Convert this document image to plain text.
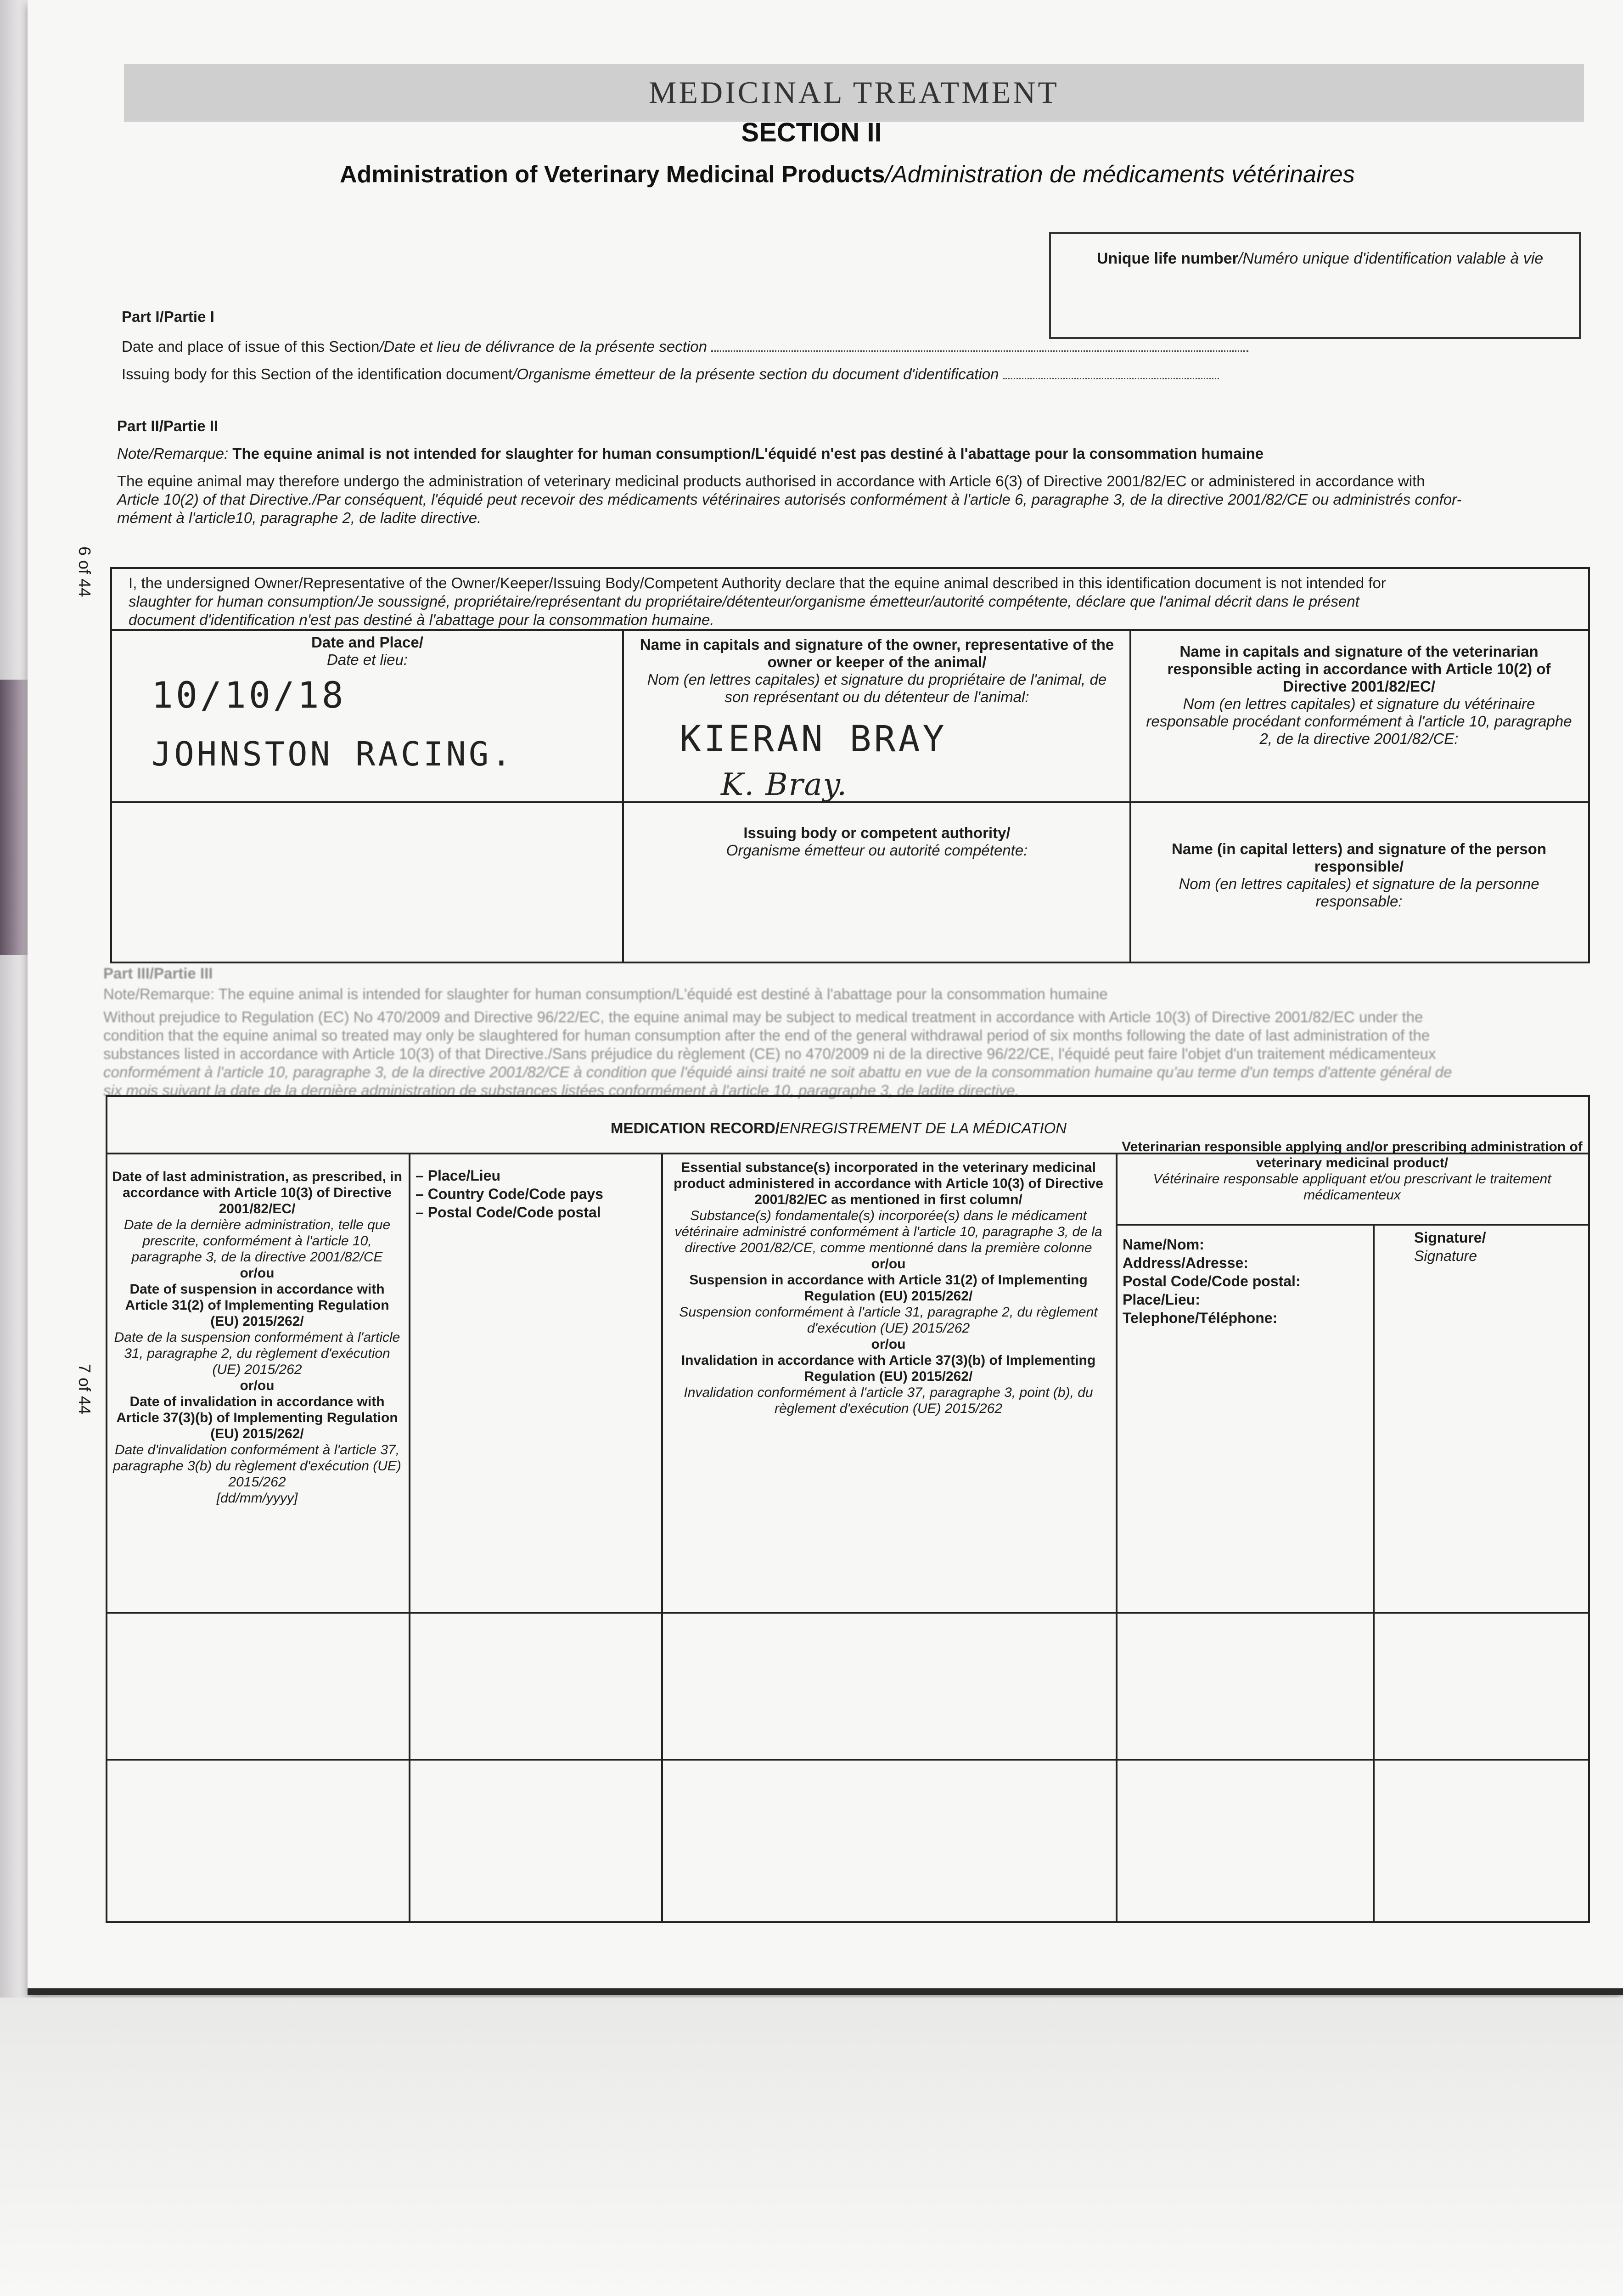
MEDICINAL TREATMENT
SECTION II
Administration of Veterinary Medicinal Products/Administration de médicaments vétérinaires
Unique life number/Numéro unique d'identification valable à vie
Part I/Partie I
Date and place of issue of this Section/Date et lieu de délivrance de la présente section
Issuing body for this Section of the identification document/Organisme émetteur de la présente section du document d'identification
Part II/Partie II
Note/Remarque: The equine animal is not intended for slaughter for human consumption/L'équidé n'est pas destiné à l'abattage pour la consommation humaine
The equine animal may therefore undergo the administration of veterinary medicinal products authorised in accordance with Article 6(3) of Directive 2001/82/EC or administered in accordance with
Article 10(2) of that Directive./Par conséquent, l'équidé peut recevoir des médicaments vétérinaires autorisés conformément à l'article 6, paragraphe 3, de la directive 2001/82/CE ou administrés confor-
mément à l'article10, paragraphe 2, de ladite directive.
6 of 44 I, the undersigned Owner/Representative of the Owner/Keeper/Issuing Body/Competent Authority declare that the equine animal described in this identification document is not intended for
slaughter for human consumption/Je soussigné, propriétaire/représentant du propriétaire/détenteur/organisme émetteur/autorité compétente, déclare que l'animal décrit dans le présent
document d'identification n'est pas destiné à l'abattage pour la consommation humaine.
Date and Place/
Date et lieu:
Name in capitals and signature of the owner, representative of the owner or keeper of the animal/
Nom (en lettres capitales) et signature du propriétaire de l'animal, de son représentant ou du détenteur de l'animal:
Name in capitals and signature of the veterinarian responsible acting in accordance with Article 10(2) of Directive 2001/82/EC/
Nom (en lettres capitales) et signature du vétérinaire responsable procédant conformément à l'article 10, paragraphe 2, de la directive 2001/82/CE:
10/10/18
JOHNSTON RACING.	KIERAN BRAY
K. Bray.
Issuing body or competent authority/
Organisme émetteur ou autorité compétente:	Name (in capital letters) and signature of the person responsible/
Nom (en lettres capitales) et signature de la personne responsable:
Part III/Partie III
Note/Remarque: The equine animal is intended for slaughter for human consumption/L'équidé est destiné à l'abattage pour la consommation humaine
Without prejudice to Regulation (EC) No 470/2009 and Directive 96/22/EC, the equine animal may be subject to medical treatment in accordance with Article 10(3) of Directive 2001/82/EC under the
condition that the equine animal so treated may only be slaughtered for human consumption after the end of the general withdrawal period of six months following the date of last administration of the
substances listed in accordance with Article 10(3) of that Directive./Sans préjudice du règlement (CE) no 470/2009 ni de la directive 96/22/CE, l'équidé peut faire l'objet d'un traitement médicamenteux
conformément à l'article 10, paragraphe 3, de la directive 2001/82/CE à condition que l'équidé ainsi traité ne soit abattu en vue de la consommation humaine qu'au terme d'un temps d'attente général de
six mois suivant la date de la dernière administration de substances listées conformément à l'article 10, paragraphe 3, de ladite directive.
7 of 44
MEDICATION RECORD/ENREGISTREMENT DE LA MÉDICATION
Date of last administration, as prescribed, in accordance with Article 10(3) of Directive 2001/82/EC/
Date de la dernière administration, telle que prescrite, conformément à l'article 10, paragraphe 3, de la directive 2001/82/CE
or/ou
Date of suspension in accordance with Article 31(2) of Implementing Regulation (EU) 2015/262/
Date de la suspension conformément à l'article 31, paragraphe 2, du règlement d'exécution (UE) 2015/262
or/ou
Date of invalidation in accordance with Article 37(3)(b) of Implementing Regulation (EU) 2015/262/
Date d'invalidation conformément à l'article 37, paragraphe 3(b) du règlement d'exécution (UE) 2015/262
[dd/mm/yyyy]
– Place/Lieu
– Country Code/Code pays
– Postal Code/Code postal
Essential substance(s) incorporated in the veterinary medicinal product administered in accordance with Article 10(3) of Directive 2001/82/EC as mentioned in first column/
Substance(s) fondamentale(s) incorporée(s) dans le médicament vétérinaire administré conformément à l'article 10, paragraphe 3, de la directive 2001/82/CE, comme mentionné dans la première colonne
or/ou
Suspension in accordance with Article 31(2) of Implementing Regulation (EU) 2015/262/
Suspension conformément à l'article 31, paragraphe 2, du règlement d'exécution (UE) 2015/262
or/ou
Invalidation in accordance with Article 37(3)(b) of Implementing Regulation (EU) 2015/262/
Invalidation conformément à l'article 37, paragraphe 3, point (b), du règlement d'exécution (UE) 2015/262
Veterinarian responsible applying and/or prescribing administration of veterinary medicinal product/
Vétérinaire responsable appliquant et/ou prescrivant le traitement médicamenteux
Name/Nom:
Address/Adresse:
Postal Code/Code postal:
Place/Lieu:
Telephone/Téléphone:
Signature/
Signature
